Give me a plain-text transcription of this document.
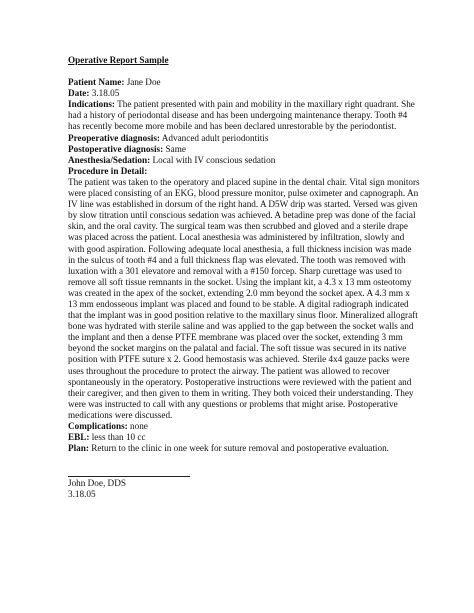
Operative Report Sample

Patient Name: Jane Doe

Date: 3.18.05

Indications: The patient presented with pain and mobility in the maxillary right quadrant. She had a history of periodontal disease and has been undergoing maintenance therapy. Tooth #4 has recently become more mobile and has been declared unrestorable by the periodontist.

Preoperative diagnosis: Advanced adult periodontitis

Postoperative diagnosis: Same

Anesthesia/Sedation: Local with IV conscious sedation

Procedure in Detail:

The patient was taken to the operatory and placed supine in the dental chair. Vital sign monitors were placed consisting of an EKG, blood pressure monitor, pulse oximeter and capnograph. An IV line was established in dorsum of the right hand. A D5W drip was started. Versed was given by slow titration until conscious sedation was achieved. A betadine prep was done of the facial skin, and the oral cavity. The surgical team was then scrubbed and gloved and a sterile drape was placed across the patient. Local anesthesia was administered by infiltration, slowly and with good aspiration. Following adequate local anesthesia, a full thickness incision was made in the sulcus of tooth #4 and a full thickness flap was elevated. The tooth was removed with luxation with a 301 elevatore and removal with a #150 forcep. Sharp curettage was used to remove all soft tissue remnants in the socket. Using the implant kit, a 4.3 x 13 mm osteotomy was created in the apex of the socket, extending 2.0 mm beyond the socket apex. A 4.3 mm x 13 mm endosseous implant was placed and found to be stable. A digital radiograph indicated that the implant was in good position relative to the maxillary sinus floor. Mineralized allograft bone was hydrated with sterile saline and was applied to the gap between the socket walls and the implant and then a dense PTFE membrane was placed over the socket, extending 3 mm beyond the socket margins on the palatal and facial. The soft tissue was secured in its native position with PTFE suture x 2. Good hemostasis was achieved. Sterile 4x4 gauze packs were uses throughout the procedure to protect the airway. The patient was allowed to recover spontaneously in the operatory. Postoperative instructions were reviewed with the patient and their caregiver, and then given to them in writing. They both voiced their understanding. They were was instructed to call with any questions or problems that might arise. Postoperative medications were discussed.

Complications: none

EBL: less than 10 cc

Plan: Return to the clinic in one week for suture removal and postoperative evaluation.

John Doe, DDS

3.18.05
